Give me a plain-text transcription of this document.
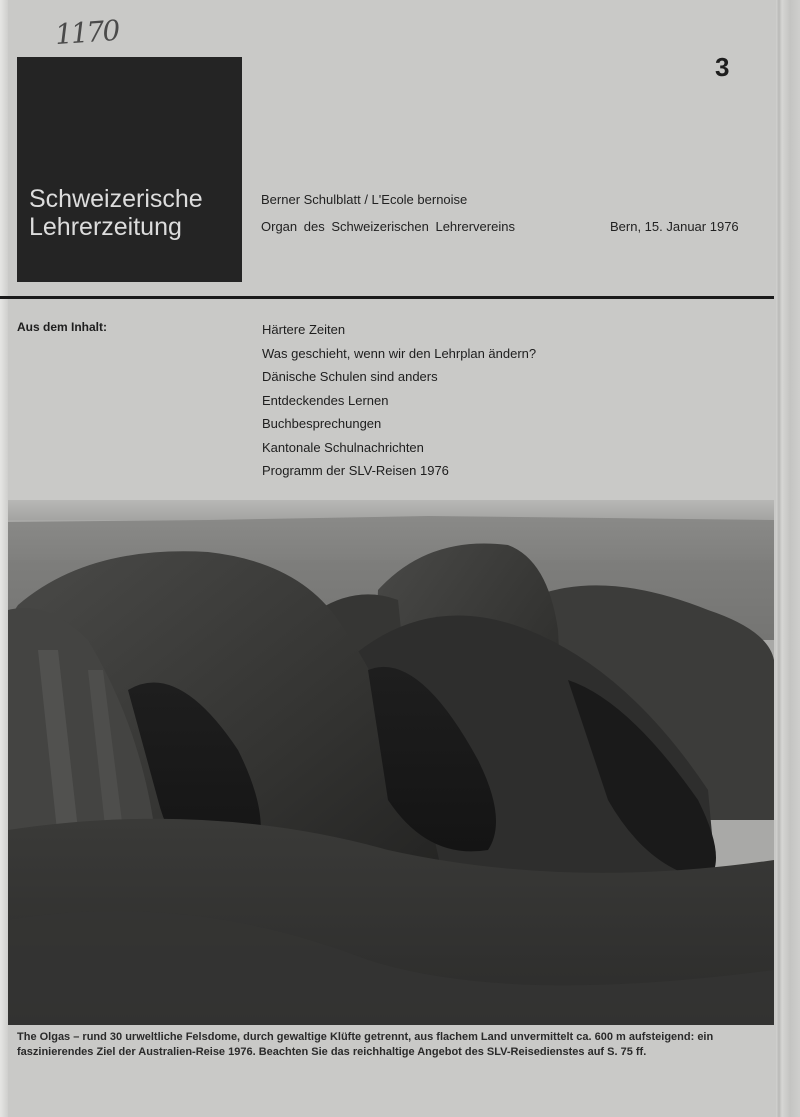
1170
Schweizerische
Lehrerzeitung
3
Berner Schulblatt / L'Ecole bernoise
Organ des Schweizerischen Lehrervereins	Bern, 15. Januar 1976
Aus dem Inhalt:	Härtere Zeiten
Was geschieht, wenn wir den Lehrplan ändern?
Dänische Schulen sind anders
Entdeckendes Lernen
Buchbesprechungen
Kantonale Schulnachrichten
Programm der SLV-Reisen 1976
The Olgas – rund 30 urweltliche Felsdome, durch gewaltige Klüfte getrennt, aus flachem Land unvermittelt ca. 600 m aufsteigend: ein faszinierendes Ziel der Australien-Reise 1976. Beachten Sie das reichhaltige Angebot des SLV-Reisedienstes auf S. 75 ff.
